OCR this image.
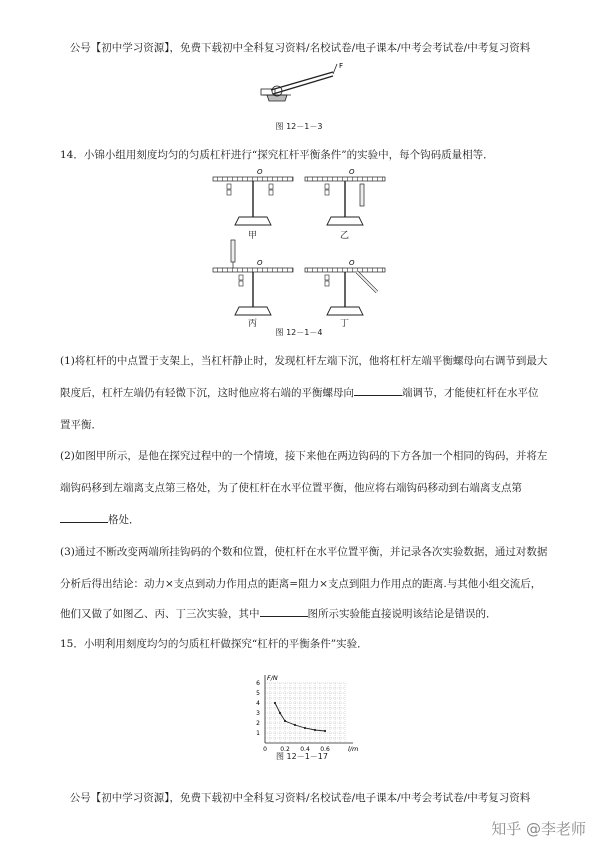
公号【初中学习资源】，免费下载初中全科复习资料/名校试卷/电子课本/中考会考试卷/中考复习资料
F
图 12－1－3
14．小锦小组用刻度均匀的匀质杠杆进行“探究杠杆平衡条件”的实验中，每个钩码质量相等．
O	O
O	O
甲	乙
丙	丁
图 12－1－4
(1)将杠杆的中点置于支架上，当杠杆静止时，发现杠杆左端下沉，他将杠杆左端平衡螺母向右调节到最大
限度后，杠杆左端仍有轻微下沉，这时他应将右端的平衡螺母向	端调节，才能使杠杆在水平位
置平衡．
(2)如图甲所示，是他在探究过程中的一个情境，接下来他在两边钩码的下方各加一个相同的钩码，并将左
端钩码移到左端离支点第三格处，为了使杠杆在水平位置平衡，他应将右端钩码移动到右端离支点第
格处．
(3)通过不断改变两端所挂钩码的个数和位置，使杠杆在水平位置平衡，并记录各次实验数据，通过对数据
分析后得出结论：动力×支点到动力作用点的距离=阻力×支点到阻力作用点的距离.与其他小组交流后，
他们又做了如图乙、丙、丁三次实验，其中	图所示实验能直接说明该结论是错误的．
15．小明利用刻度均匀的匀质杠杆做探究“杠杆的平衡条件”实验．
1
2
3
4
5
6
0 0.2 0.4 0.6	l/m
F/N
图 12－1－17
公号【初中学习资源】，免费下载初中全科复习资料/名校试卷/电子课本/中考会考试卷/中考复习资料
知乎 @李老师
